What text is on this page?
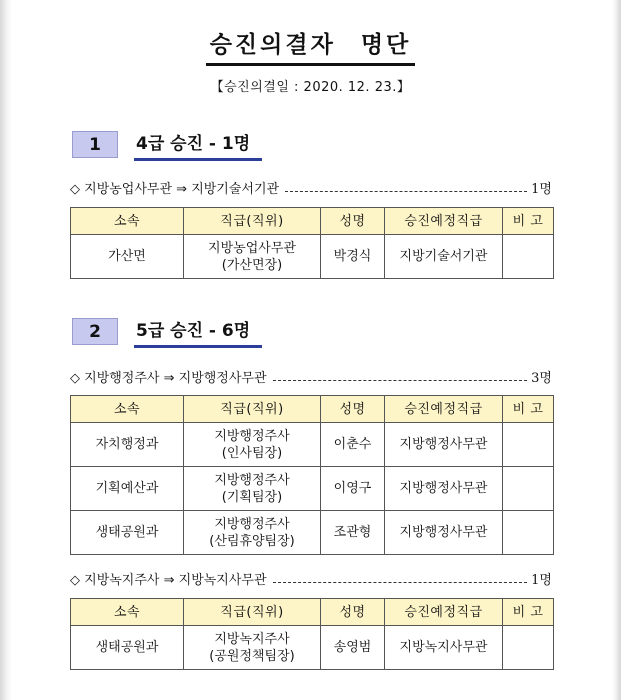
승진의결자 명단
【승진의결일 : 2020. 12. 23.】
1	4급 승진 - 1명
◇ 지방농업사무관 ⇒ 지방기술서기관	1명
소속	직급(직위)	성명	승진예정직급	비 고
가산면	지방농업사무관
(가산면장)	박경식	지방기술서기관	
2	5급 승진 - 6명
◇ 지방행정주사 ⇒ 지방행정사무관	3명
소속	직급(직위)	성명	승진예정직급	비 고
자치행정과	지방행정주사
(인사팀장)	이춘수	지방행정사무관	
기획예산과	지방행정주사
(기획팀장)	이영구	지방행정사무관	
생태공원과	지방행정주사
(산림휴양팀장)	조관형	지방행정사무관	
◇ 지방녹지주사 ⇒ 지방녹지사무관	1명
소속	직급(직위)	성명	승진예정직급	비 고
생태공원과	지방녹지주사
(공원정책팀장)	송영범	지방녹지사무관	
